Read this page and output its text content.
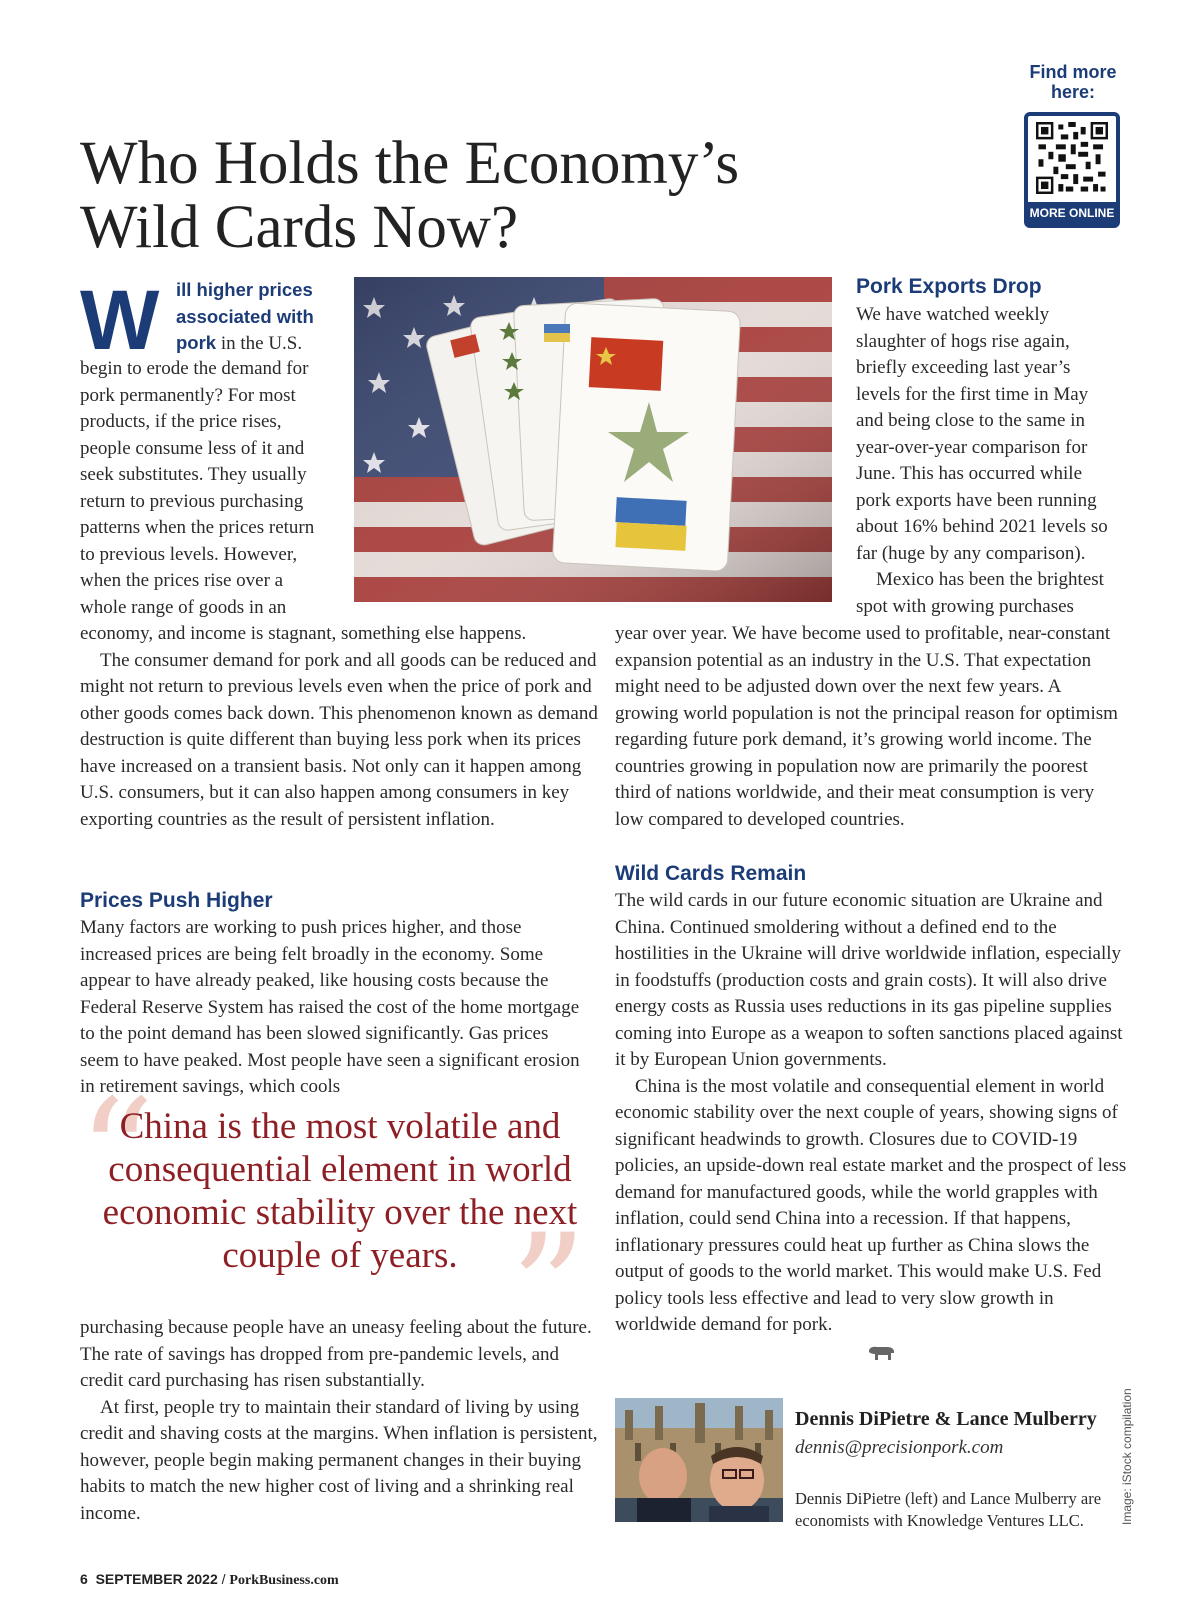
Find more here:
MORE ONLINE
Who Holds the Economy’s
Wild Cards Now?
W ill higher prices
associated with
pork in the U.S.
begin to erode the demand for
pork permanently? For most
products, if the price rises,
people consume less of it and
seek substitutes. They usually
return to previous purchasing
patterns when the prices return
to previous levels. However,
when the prices rise over a
whole range of goods in an

economy, and income is stagnant, something else happens.

The consumer demand for pork and all goods can be reduced and might not return to previous levels even when the price of pork and other goods comes back down. This phenomenon known as demand destruction is quite different than buying less pork when its prices have increased on a transient basis. Not only can it happen among U.S. consumers, but it can also happen among consumers in key exporting countries as the result of persistent inflation.

Prices Push Higher
Many factors are working to push prices higher, and those increased prices are being felt broadly in the economy. Some appear to have already peaked, like housing costs because the Federal Reserve System has raised the cost of the home mortgage to the point demand has been slowed significantly. Gas prices seem to have peaked. Most people have seen a significant erosion in retirement savings, which cools
“
”
China is the most volatile and consequential element in world economic stability over the next couple of years.

purchasing because people have an uneasy feeling about the future. The rate of savings has dropped from pre-pandemic levels, and credit card purchasing has risen substantially.

At first, people try to maintain their standard of living by using credit and shaving costs at the margins. When inflation is persistent, however, people begin making permanent changes in their buying habits to match the new higher cost of living and a shrinking real income.

Pork Exports Drop
We have watched weekly
slaughter of hogs rise again,
briefly exceeding last year’s
levels for the first time in May
and being close to the same in
year-over-year comparison for
June. This has occurred while
pork exports have been running
about 16% behind 2021 levels so
far (huge by any comparison).
Mexico has been the brightest
spot with growing purchases
year over year. We have become used to profitable, near-constant expansion potential as an industry in the U.S. That expectation might need to be adjusted down over the next few years. A growing world population is not the principal reason for optimism regarding future pork demand, it’s growing world income. The countries growing in population now are primarily the poorest third of nations worldwide, and their meat consumption is very low compared to developed countries.
Wild Cards Remain

The wild cards in our future economic situation are Ukraine and China. Continued smoldering without a defined end to the hostilities in the Ukraine will drive worldwide inflation, especially in foodstuffs (production costs and grain costs). It will also drive energy costs as Russia uses reductions in its gas pipeline supplies coming into Europe as a weapon to soften sanctions placed against it by European Union governments.

China is the most volatile and consequential element in world economic stability over the next couple of years, showing signs of significant headwinds to growth. Closures due to COVID-19 policies, an upside-down real estate market and the prospect of less demand for manufactured goods, while the world grapples with inflation, could send China into a recession. If that happens, inflationary pressures could heat up further as China slows the output of goods to the world market. This would make U.S. Fed policy tools less effective and lead to very slow growth in worldwide demand for pork.

Dennis DiPietre & Lance Mulberry
dennis@precisionpork.com
Dennis DiPietre (left) and Lance Mulberry are economists with Knowledge Ventures LLC.	Image: iStock compilation
6 SEPTEMBER 2022 / PorkBusiness.com
